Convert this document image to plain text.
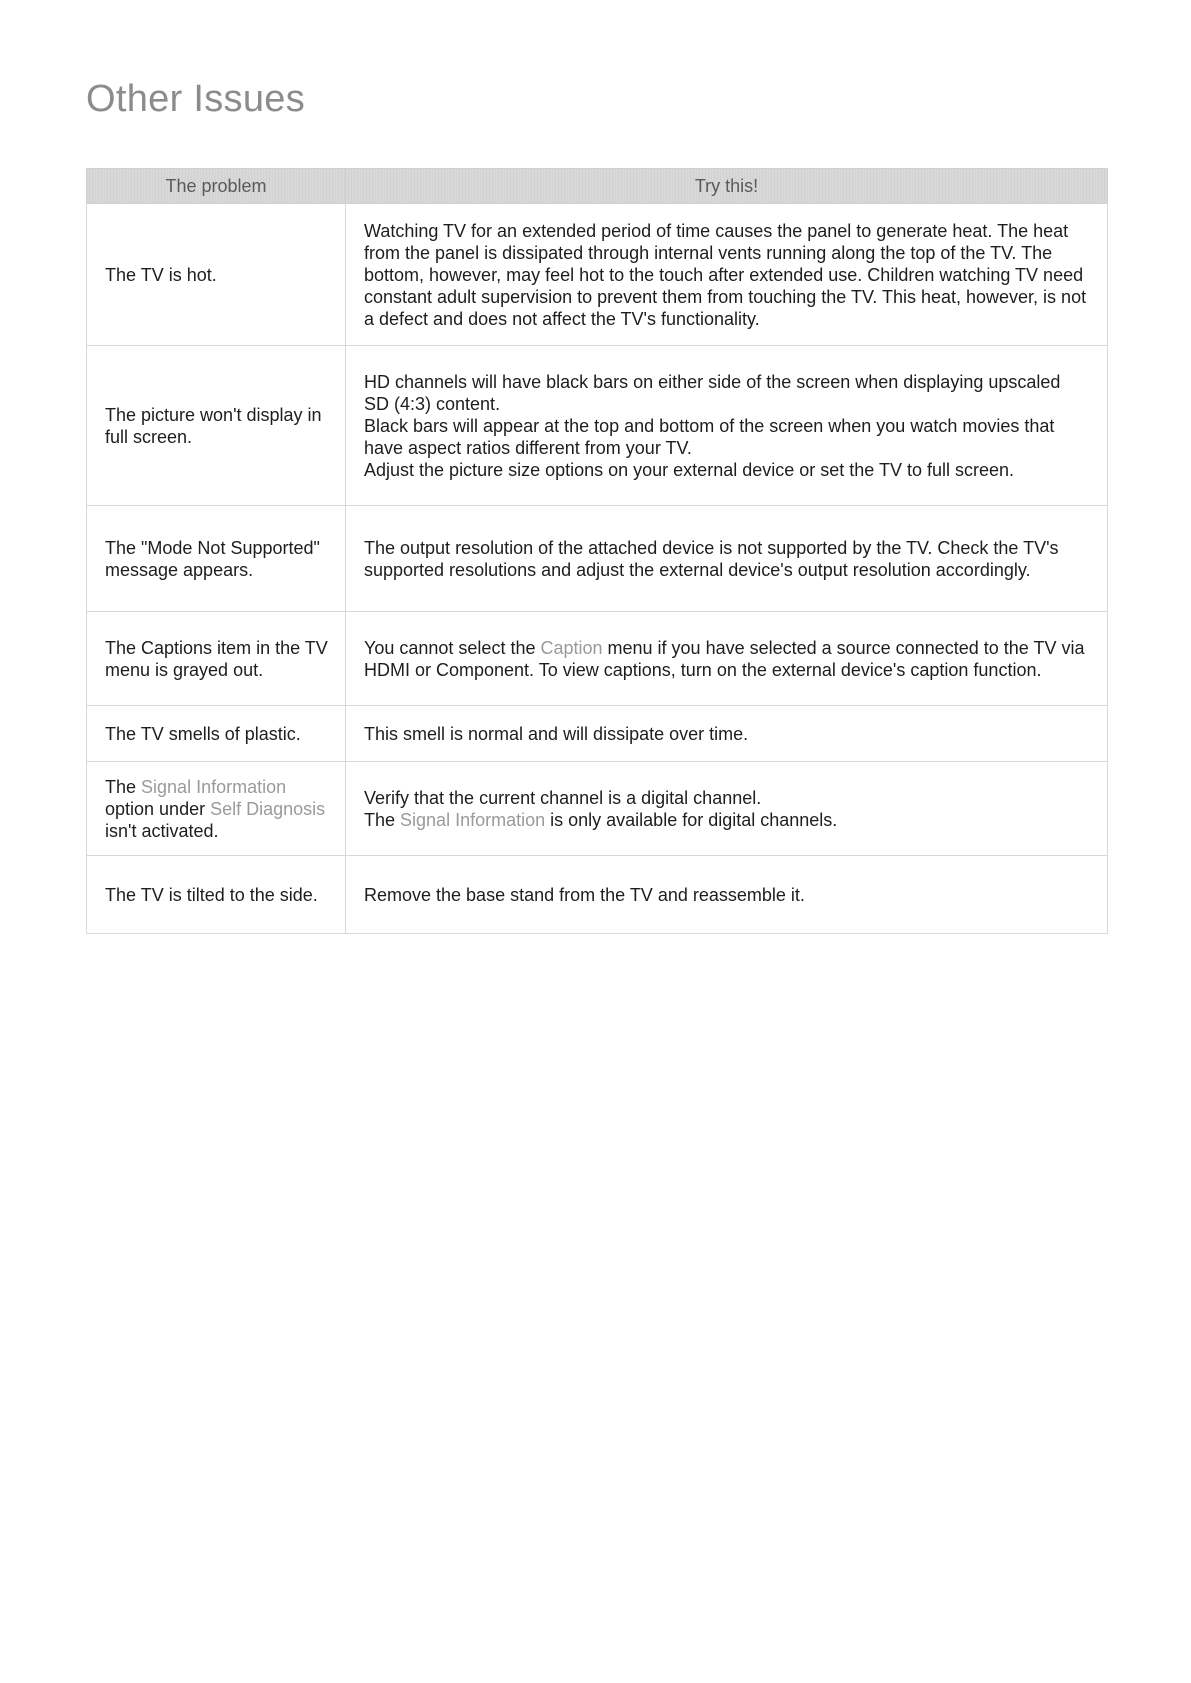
Other Issues
The problem	Try this!

The TV is hot.	Watching TV for an extended period of time causes the panel to generate heat. The heat from the panel is dissipated through internal vents running along the top of the TV. The bottom, however, may feel hot to the touch after extended use. Children watching TV need constant adult supervision to prevent them from touching the TV. This heat, however, is not a defect and does not affect the TV's functionality.

The picture won't display in full screen.	HD channels will have black bars on either side of the screen when displaying upscaled SD (4:3) content.
Black bars will appear at the top and bottom of the screen when you watch movies that have aspect ratios different from your TV.
Adjust the picture size options on your external device or set the TV to full screen.

The "Mode Not Supported" message appears.	The output resolution of the attached device is not supported by the TV. Check the TV's supported resolutions and adjust the external device's output resolution accordingly.

The Captions item in the TV menu is grayed out.	You cannot select the Caption menu if you have selected a source connected to the TV via HDMI or Component. To view captions, turn on the external device's caption function.

The TV smells of plastic.	This smell is normal and will dissipate over time.

The Signal Information option under Self Diagnosis isn't activated.	Verify that the current channel is a digital channel.
The Signal Information is only available for digital channels.

The TV is tilted to the side.	Remove the base stand from the TV and reassemble it.
